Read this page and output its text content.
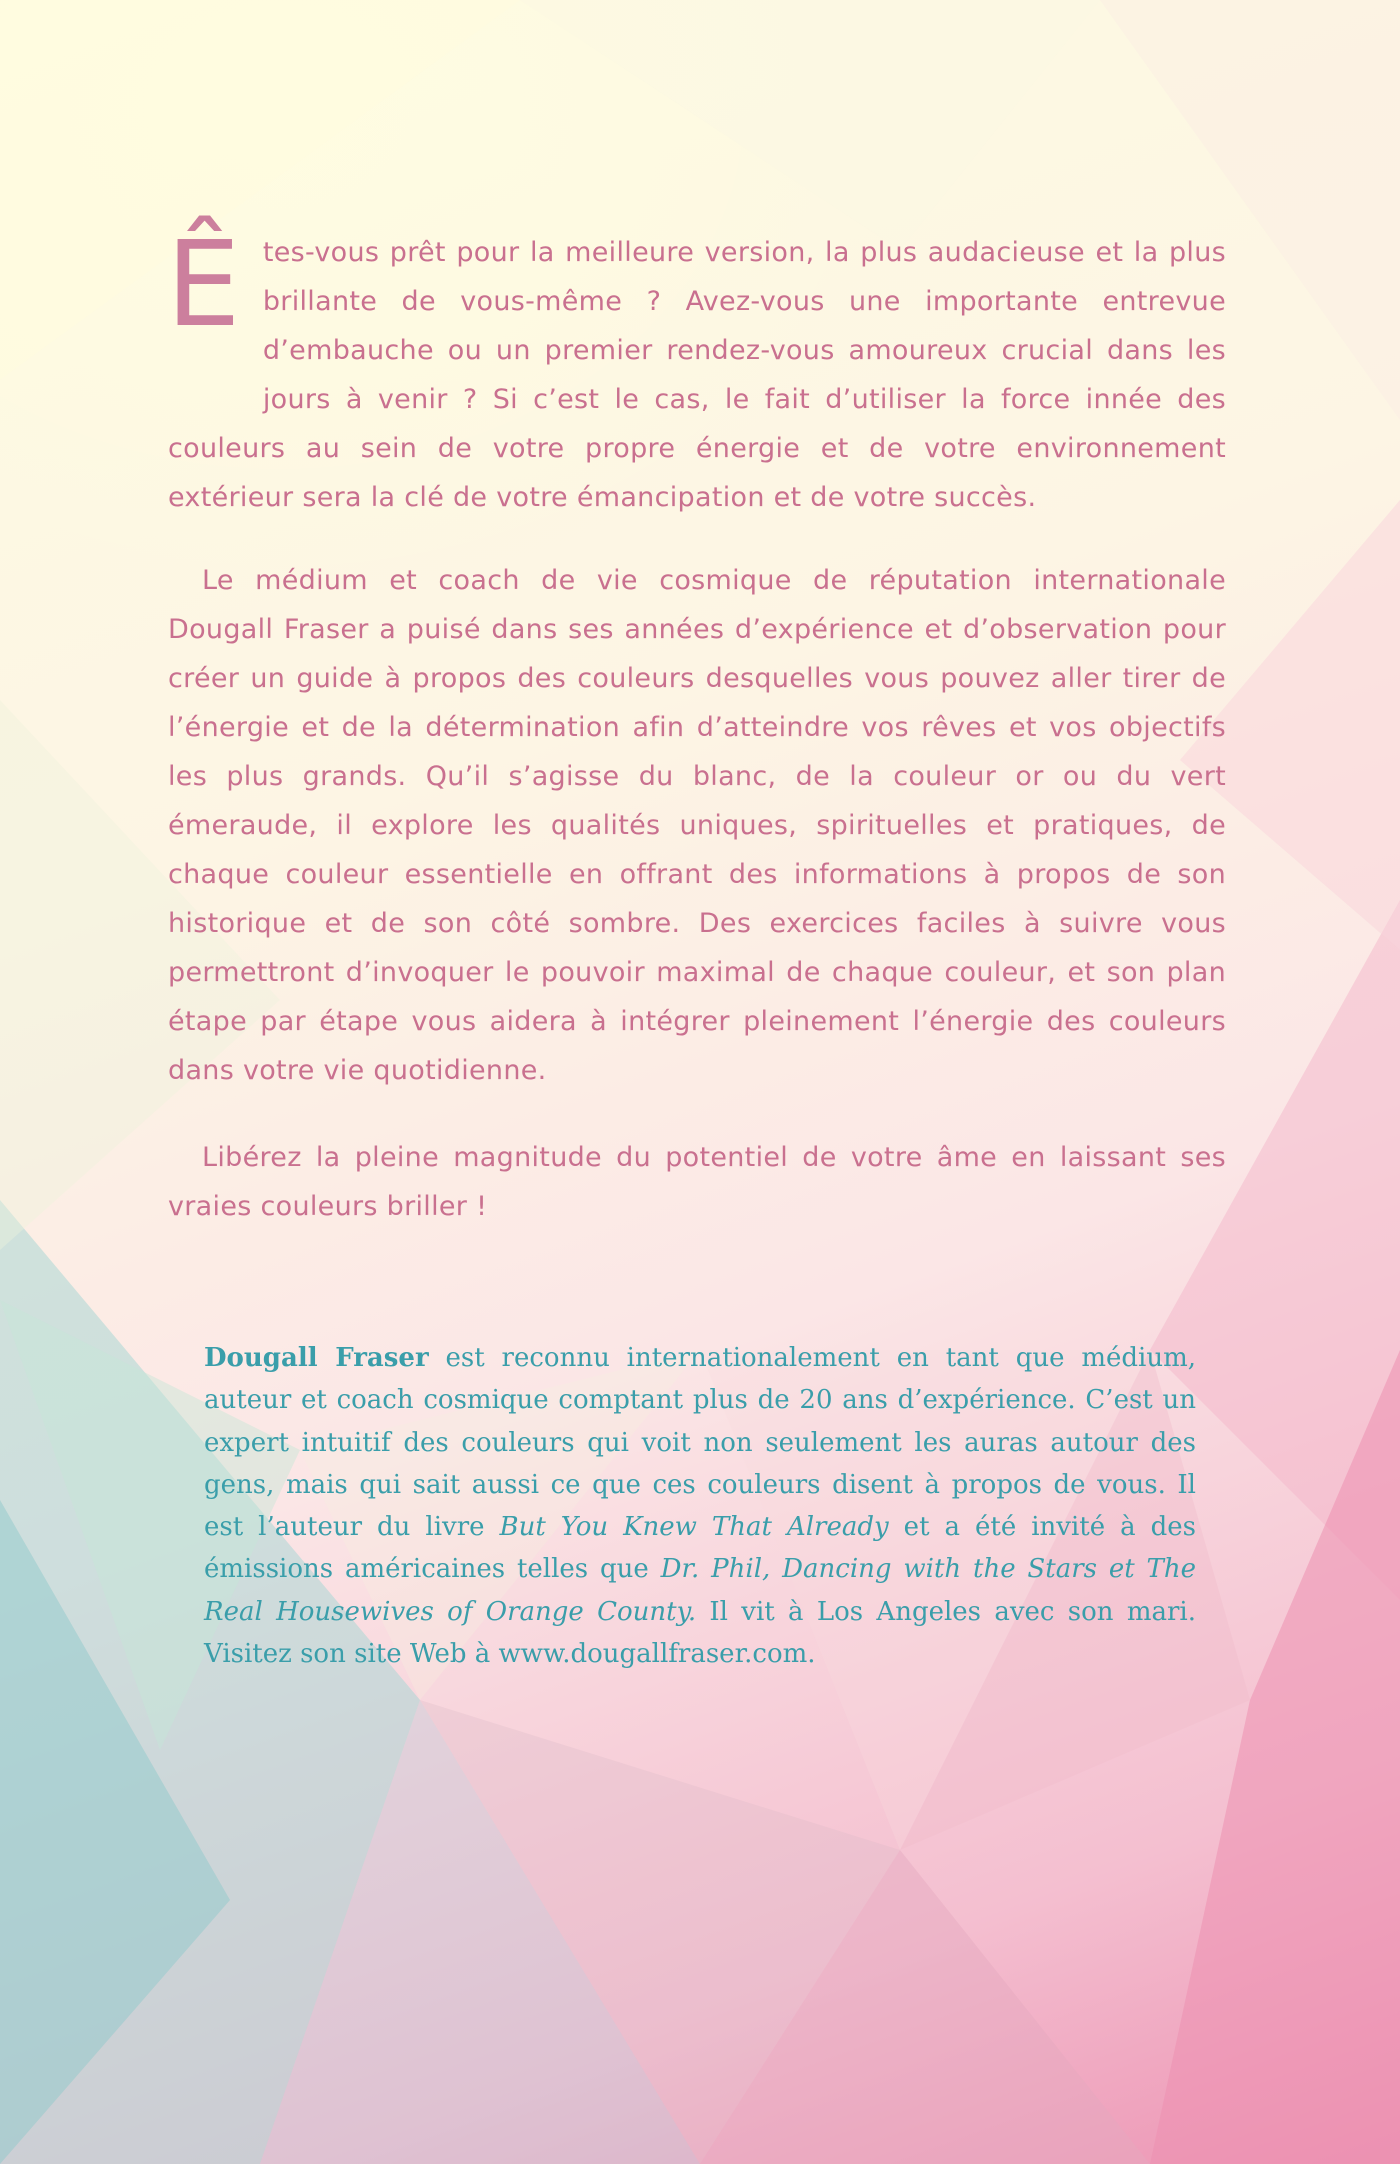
Êtes-vous prêt pour la meilleure version, la plus audacieuse et la plus brillante de vous-même ? Avez-vous une importante entrevue d’embauche ou un premier rendez-vous amoureux crucial dans les jours à venir ? Si c’est le cas, le fait d’utiliser la force innée des couleurs au sein de votre propre énergie et de votre environnement extérieur sera la clé de votre émancipation et de votre succès.
Le médium et coach de vie cosmique de réputation internationale Dougall Fraser a puisé dans ses années d’expérience et d’observation pour créer un guide à propos des couleurs desquelles vous pouvez aller tirer de l’énergie et de la détermination afin d’atteindre vos rêves et vos objectifs les plus grands. Qu’il s’agisse du blanc, de la couleur or ou du vert émeraude, il explore les qualités uniques, spirituelles et pratiques, de chaque couleur essentielle en offrant des informations à propos de son historique et de son côté sombre. Des exercices faciles à suivre vous permettront d’invoquer le pouvoir maximal de chaque couleur, et son plan étape par étape vous aidera à intégrer pleinement l’énergie des couleurs dans votre vie quotidienne.
Libérez la pleine magnitude du potentiel de votre âme en laissant ses vraies couleurs briller !
Dougall Fraser est reconnu internationalement en tant que médium, auteur et coach cosmique comptant plus de 20 ans d’expérience. C’est un expert intuitif des couleurs qui voit non seulement les auras autour des gens, mais qui sait aussi ce que ces couleurs disent à propos de vous. Il est l’auteur du livre But You Knew That Already et a été invité à des émissions américaines telles que Dr. Phil, Dancing with the Stars et The Real Housewives of Orange County. Il vit à Los Angeles avec son mari. Visitez son site Web à www.dougallfraser.com.
